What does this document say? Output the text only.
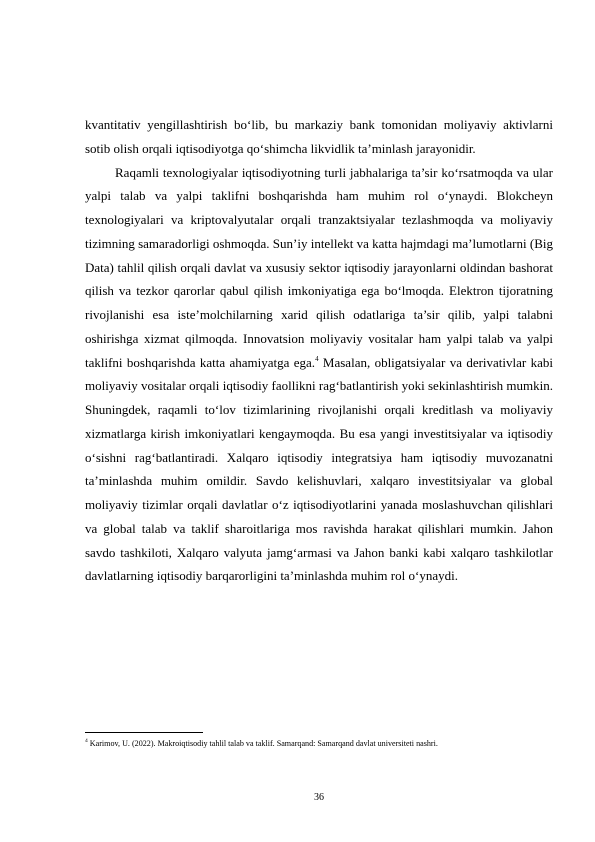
kvantitativ yengillashtirish bo‘lib, bu markaziy bank tomonidan moliyaviy aktivlarni sotib olish orqali iqtisodiyotga qo‘shimcha likvidlik ta’minlash jarayonidir.

Raqamli texnologiyalar iqtisodiyotning turli jabhalariga ta’sir ko‘rsatmoqda va ular yalpi talab va yalpi taklifni boshqarishda ham muhim rol o‘ynaydi. Blokcheyn texnologiyalari va kriptovalyutalar orqali tranzaktsiyalar tezlashmoqda va moliyaviy tizimning samaradorligi oshmoqda. Sun’iy intellekt va katta hajmdagi ma’lumotlarni (Big Data) tahlil qilish orqali davlat va xususiy sektor iqtisodiy jarayonlarni oldindan bashorat qilish va tezkor qarorlar qabul qilish imkoniyatiga ega bo‘lmoqda. Elektron tijoratning rivojlanishi esa iste’molchilarning xarid qilish odatlariga ta’sir qilib, yalpi talabni oshirishga xizmat qilmoqda. Innovatsion moliyaviy vositalar ham yalpi talab va yalpi taklifni boshqarishda katta ahamiyatga ega.$^4$ Masalan, obligatsiyalar va derivativlar kabi moliyaviy vositalar orqali iqtisodiy faollikni rag‘batlantirish yoki sekinlashtirish mumkin. Shuningdek, raqamli to‘lov tizimlarining rivojlanishi orqali kreditlash va moliyaviy xizmatlarga kirish imkoniyatlari kengaymoqda. Bu esa yangi investitsiyalar va iqtisodiy o‘sishni rag‘batlantiradi. Xalqaro iqtisodiy integratsiya ham iqtisodiy muvozanatni ta’minlashda muhim omildir. Savdo kelishuvlari, xalqaro investitsiyalar va global moliyaviy tizimlar orqali davlatlar o‘z iqtisodiyotlarini yanada moslashuvchan qilishlari va global talab va taklif sharoitlariga mos ravishda harakat qilishlari mumkin. Jahon savdo tashkiloti, Xalqaro valyuta jamg‘armasi va Jahon banki kabi xalqaro tashkilotlar davlatlarning iqtisodiy barqarorligini ta’minlashda muhim rol o‘ynaydi.

$^4$ Karimov, U. (2022). Makroiqtisodiy tahlil talab va taklif. Samarqand: Samarqand davlat universiteti nashri.
36
